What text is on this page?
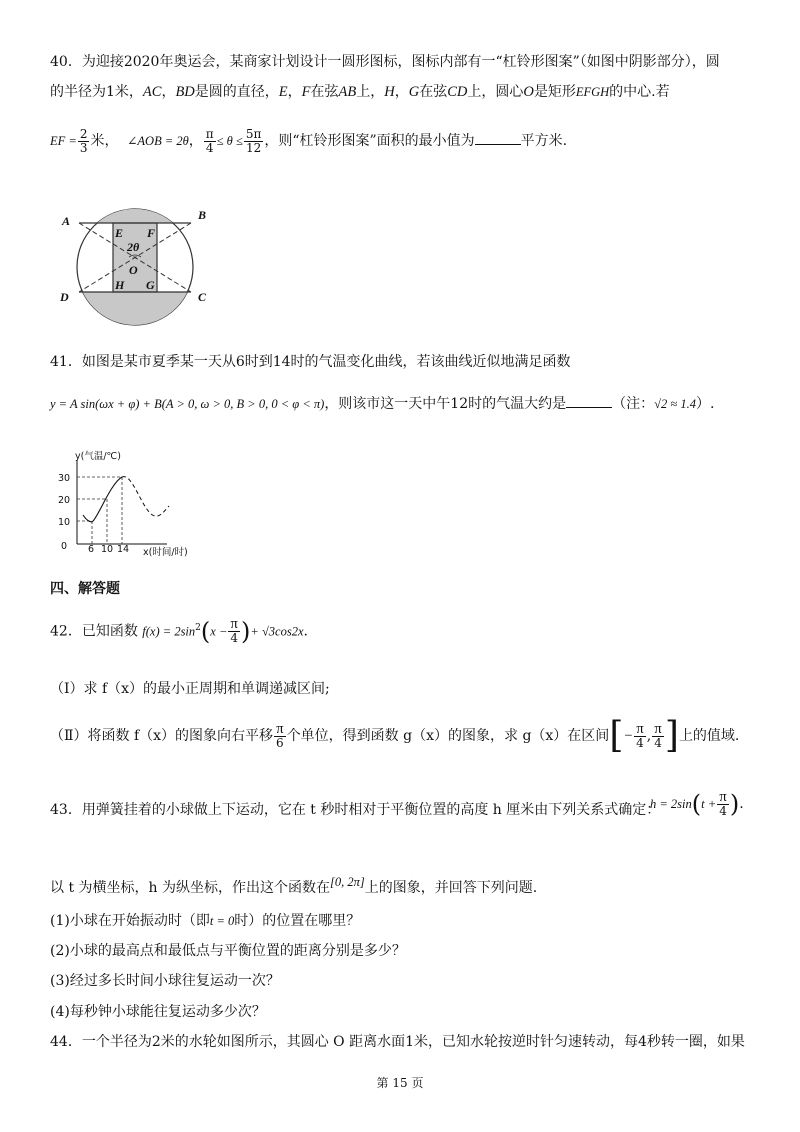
40．为迎接2020年奥运会，某商家计划设计一圆形图标，图标内部有一“杠铃形图案”（如图中阴影部分），圆
的半径为1米，AC，BD是圆的直径，E，F在弦AB上，H，G在弦CD上，圆心O是矩形EFGH的中心.若
EF = $\frac{2}{3}$ 米， ∠AOB = 2θ， $\frac{\pi}{4} \le \theta \le \frac{5\pi}{12}$ ，则“杠铃形图案”面积的最小值为	平方米.
A	B
C
D
E F
G
H
O
2θ
41．如图是某市夏季某一天从6时到14时的气温变化曲线，若该曲线近似地满足函数
y = A sin(ωx + φ) + B(A > 0, ω > 0, B > 0, 0 < φ < π)，则该市这一天中午12时的气温大约是	（注：√2 ≈ 1.4）.
y(气温/℃)
x(时间/时)
0
10
20
30
6 10 14
四、解答题
42．已知函数 $f(x) = 2\sin^2(x - \frac{\pi}{4}$ )+ √3cos2x.
（Ⅰ）求 f（x）的最小正周期和单调递减区间;
（Ⅱ）将函数 f（x）的图象向右平移 $\frac{\pi}{6}$ 个单位，得到函数 g（x）的图象，求 g（x）在区间[− $\frac{\pi}{4}$ , $\frac{\pi}{4}$ ]上的值域.
43．用弹簧挂着的小球做上下运动，它在 t 秒时相对于平衡位置的高度 h 厘米由下列关系式确定：
$h = 2\sin(t + \frac{\pi}{4}$ ).
以 t 为横坐标，h 为纵坐标，作出这个函数在[0, 2π]上的图象，并回答下列问题.
(1)小球在开始振动时（即t = 0时）的位置在哪里？
(2)小球的最高点和最低点与平衡位置的距离分别是多少？
(3)经过多长时间小球往复运动一次？
(4)每秒钟小球能往复运动多少次？
44．一个半径为2米的水轮如图所示，其圆心 O 距离水面1米，已知水轮按逆时针匀速转动，每4秒转一圈，如果
第 15 页
